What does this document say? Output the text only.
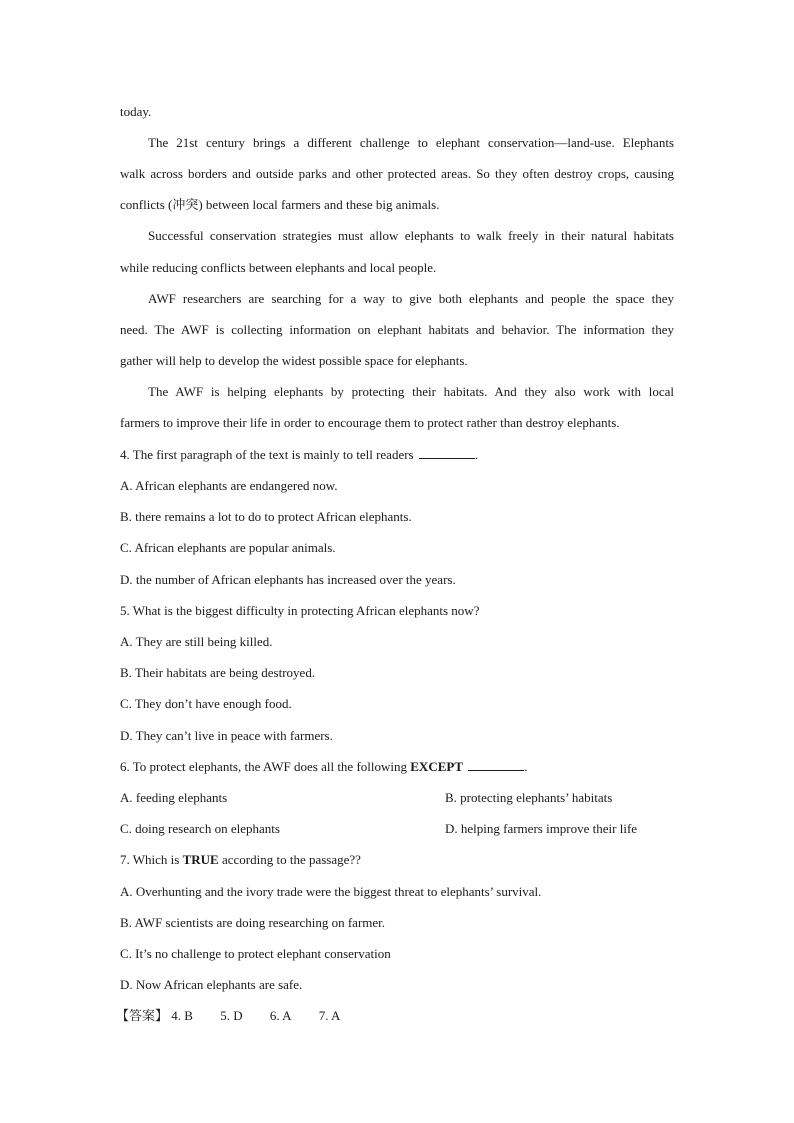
today.
The 21st century brings a different challenge to elephant conservation—land-use. Elephants
walk across borders and outside parks and other protected areas. So they often destroy crops, causing
conflicts (冲突) between local farmers and these big animals.
Successful conservation strategies must allow elephants to walk freely in their natural habitats
while reducing conflicts between elephants and local people.
AWF researchers are searching for a way to give both elephants and people the space they
need. The AWF is collecting information on elephant habitats and behavior. The information they
gather will help to develop the widest possible space for elephants.
The AWF is helping elephants by protecting their habitats. And they also work with local
farmers to improve their life in order to encourage them to protect rather than destroy elephants.
4. The first paragraph of the text is mainly to tell readers	.
A. African elephants are endangered now.
B. there remains a lot to do to protect African elephants.
C. African elephants are popular animals.
D. the number of African elephants has increased over the years.
5. What is the biggest difficulty in protecting African elephants now?
A. They are still being killed.
B. Their habitats are being destroyed.
C. They don’t have enough food.
D. They can’t live in peace with farmers.
6. To protect elephants, the AWF does all the following EXCEPT	.
A. feeding elephants	B. protecting elephants’ habitats
C. doing research on elephants	D. helping farmers improve their life
7. Which is TRUE according to the passage??
A. Overhunting and the ivory trade were the biggest threat to elephants’ survival.
B. AWF scientists are doing researching on farmer.
C. It’s no challenge to protect elephant conservation
D. Now African elephants are safe.
【答案】 4. B 5. D 6. A 7. A
